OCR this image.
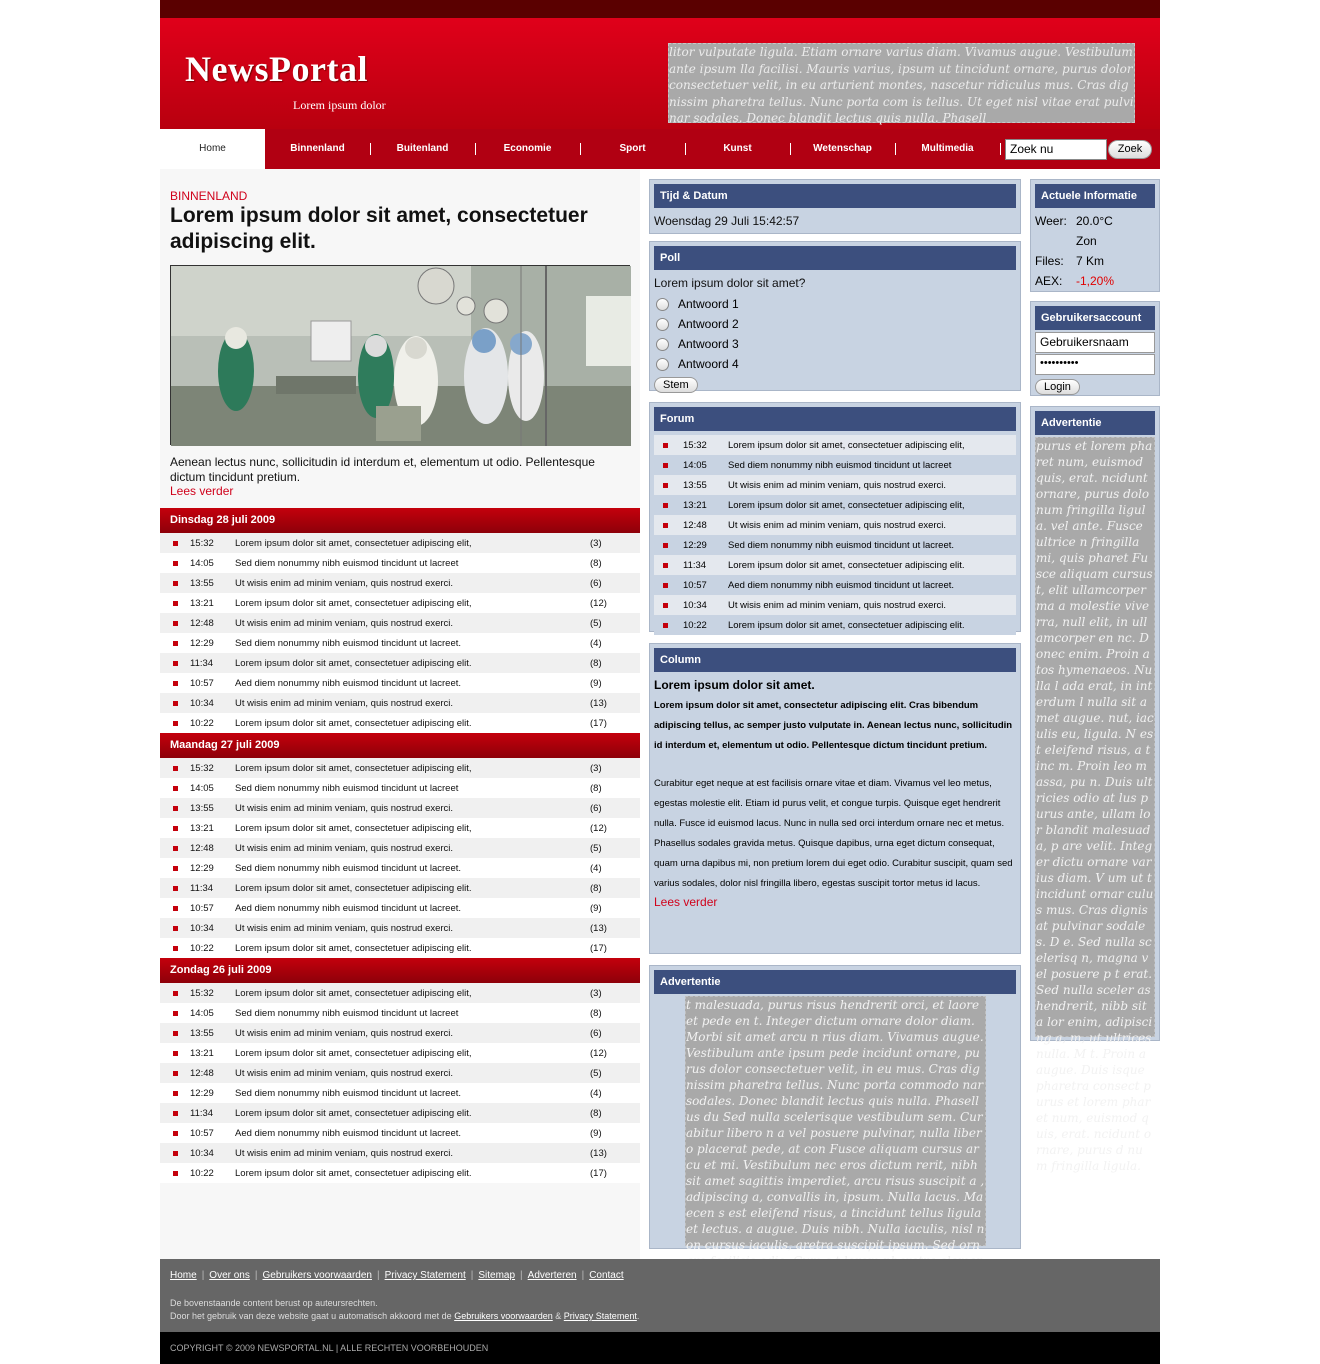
NewsPortal
Lorem ipsum dolor
litor vulputate ligula. Etiam ornare varius diam. Vivamus augue. Vestibulum ante ipsum lla facilisi. Mauris varius, ipsum ut tincidunt ornare, purus dolor consectetuer velit, in eu arturient montes, nascetur ridiculus mus. Cras dignissim pharetra tellus. Nunc porta com is tellus. Ut eget nisl vitae erat pulvinar sodales. Donec blandit lectus quis nulla. Phasell
Home	Binnenland	Buitenland	Economie	Sport	Kunst	Wetenschap	Multimedia	Zoek nu	Zoek
BINNENLAND
Lorem ipsum dolor sit amet, consectetuer adipiscing elit.
Aenean lectus nunc, sollicitudin id interdum et, elementum ut odio. Pellentesque dictum tincidunt pretium.
Lees verder
Dinsdag 28 juli 2009
15:32	Lorem ipsum dolor sit amet, consectetuer adipiscing elit,	(3)
14:05	Sed diem nonummy nibh euismod tincidunt ut lacreet	(8)
13:55	Ut wisis enim ad minim veniam, quis nostrud exerci.	(6)
13:21	Lorem ipsum dolor sit amet, consectetuer adipiscing elit,	(12)
12:48	Ut wisis enim ad minim veniam, quis nostrud exerci.	(5)
12:29	Sed diem nonummy nibh euismod tincidunt ut lacreet.	(4)
11:34	Lorem ipsum dolor sit amet, consectetuer adipiscing elit.	(8)
10:57	Aed diem nonummy nibh euismod tincidunt ut lacreet.	(9)
10:34	Ut wisis enim ad minim veniam, quis nostrud exerci.	(13)
10:22	Lorem ipsum dolor sit amet, consectetuer adipiscing elit.	(17)
Maandag 27 juli 2009
15:32	Lorem ipsum dolor sit amet, consectetuer adipiscing elit,	(3)
14:05	Sed diem nonummy nibh euismod tincidunt ut lacreet	(8)
13:55	Ut wisis enim ad minim veniam, quis nostrud exerci.	(6)
13:21	Lorem ipsum dolor sit amet, consectetuer adipiscing elit,	(12)
12:48	Ut wisis enim ad minim veniam, quis nostrud exerci.	(5)
12:29	Sed diem nonummy nibh euismod tincidunt ut lacreet.	(4)
11:34	Lorem ipsum dolor sit amet, consectetuer adipiscing elit.	(8)
10:57	Aed diem nonummy nibh euismod tincidunt ut lacreet.	(9)
10:34	Ut wisis enim ad minim veniam, quis nostrud exerci.	(13)
10:22	Lorem ipsum dolor sit amet, consectetuer adipiscing elit.	(17)
Zondag 26 juli 2009
15:32	Lorem ipsum dolor sit amet, consectetuer adipiscing elit,	(3)
14:05	Sed diem nonummy nibh euismod tincidunt ut lacreet	(8)
13:55	Ut wisis enim ad minim veniam, quis nostrud exerci.	(6)
13:21	Lorem ipsum dolor sit amet, consectetuer adipiscing elit,	(12)
12:48	Ut wisis enim ad minim veniam, quis nostrud exerci.	(5)
12:29	Sed diem nonummy nibh euismod tincidunt ut lacreet.	(4)
11:34	Lorem ipsum dolor sit amet, consectetuer adipiscing elit.	(8)
10:57	Aed diem nonummy nibh euismod tincidunt ut lacreet.	(9)
10:34	Ut wisis enim ad minim veniam, quis nostrud exerci.	(13)
10:22	Lorem ipsum dolor sit amet, consectetuer adipiscing elit.	(17)
Tijd & Datum
Woensdag 29 Juli 15:42:57
Poll
Lorem ipsum dolor sit amet?
Antwoord 1
Antwoord 2
Antwoord 3
Antwoord 4
Stem
Forum
15:32	Lorem ipsum dolor sit amet, consectetuer adipiscing elit,
14:05	Sed diem nonummy nibh euismod tincidunt ut lacreet
13:55	Ut wisis enim ad minim veniam, quis nostrud exerci.
13:21	Lorem ipsum dolor sit amet, consectetuer adipiscing elit,
12:48	Ut wisis enim ad minim veniam, quis nostrud exerci.
12:29	Sed diem nonummy nibh euismod tincidunt ut lacreet.
11:34	Lorem ipsum dolor sit amet, consectetuer adipiscing elit.
10:57	Aed diem nonummy nibh euismod tincidunt ut lacreet.
10:34	Ut wisis enim ad minim veniam, quis nostrud exerci.
10:22	Lorem ipsum dolor sit amet, consectetuer adipiscing elit.
Column
Lorem ipsum dolor sit amet.
Lorem ipsum dolor sit amet, consectetur adipiscing elit. Cras bibendum adipiscing tellus, ac semper justo vulputate in. Aenean lectus nunc, sollicitudin id interdum et, elementum ut odio. Pellentesque dictum tincidunt pretium.
Curabitur eget neque at est facilisis ornare vitae et diam. Vivamus vel leo metus, egestas molestie elit. Etiam id purus velit, et congue turpis. Quisque eget hendrerit nulla. Fusce id euismod lacus. Nunc in nulla sed orci interdum ornare nec et metus. Phasellus sodales gravida metus. Quisque dapibus, urna eget dictum consequat, quam urna dapibus mi, non pretium lorem dui eget odio. Curabitur suscipit, quam sed varius sodales, dolor nisl fringilla libero, egestas suscipit tortor metus id lacus.
Lees verder
Advertentie
t malesuada, purus risus hendrerit orci, et laoreet pede en t. Integer dictum ornare dolor diam. Morbi sit amet arcu n rius diam. Vivamus augue. Vestibulum ante ipsum pede incidunt ornare, purus dolor consectetuer velit, in eu mus. Cras dignissim pharetra tellus. Nunc porta commodo nar sodales. Donec blandit lectus quis nulla. Phasellus du Sed nulla scelerisque vestibulum sem. Curabitur libero n a vel posuere pulvinar, nulla libero placerat pede, at con Fusce aliquam cursus arcu et mi. Vestibulum nec eros dictum rerit, nibh sit amet sagittis imperdiet, arcu risus suscipit a , adipiscing a, convallis in, ipsum. Nulla lacus. Maecen s est eleifend risus, a tincidunt tellus ligula et lectus. a augue. Duis nibh. Nulla iaculis, nisl non cursus iaculis, aretra suscipit ipsum. Sed orn
Actuele Informatie
Weer: 20.0°C
Zon
Files:	7 Km
AEX:	-1,20%
Gebruikersaccount
Gebruikersnaam
••••••••••
Login
Advertentie
purus et lorem pharet num, euismod quis, erat. ncidunt ornare, purus dolo num fringilla ligula. vel ante. Fusce ultrice n fringilla mi, quis pharet Fusce aliquam cursus t, elit ullamcorper ma a molestie viverra, null elit, in ullamcorper en nc. Donec enim. Proin a tos hymenaeos. Nulla l ada erat, in interdum l nulla sit amet augue. nut, iaculis eu, ligula. N est eleifend risus, a tinc m. Proin leo massa, pu n. Duis ultricies odio at lus purus ante, ullam lor blandit malesuada, p are velit. Integer dictu ornare varius diam. V um ut tincidunt ornar culus mus. Cras dignis at pulvinar sodales. D e. Sed nulla scelerisq n, magna vel posuere p t erat. Sed nulla sceler as hendrerit, nibb sit a lor enim, adipiscing a, m, ut ultrices nulla. M t. Proin a augue. Duis isque pharetra consect purus et lorem pharet num, euismod quis, erat. ncidunt ornare, purus d num fringilla ligula.
Home | Over ons | Gebruikers voorwaarden | Privacy Statement | Sitemap | Adverteren | Contact
De bovenstaande content berust op auteursrechten.
Door het gebruik van deze website gaat u automatisch akkoord met de Gebruikers voorwaarden & Privacy Statement.
COPYRIGHT © 2009 NEWSPORTAL.NL | ALLE RECHTEN VOORBEHOUDEN
